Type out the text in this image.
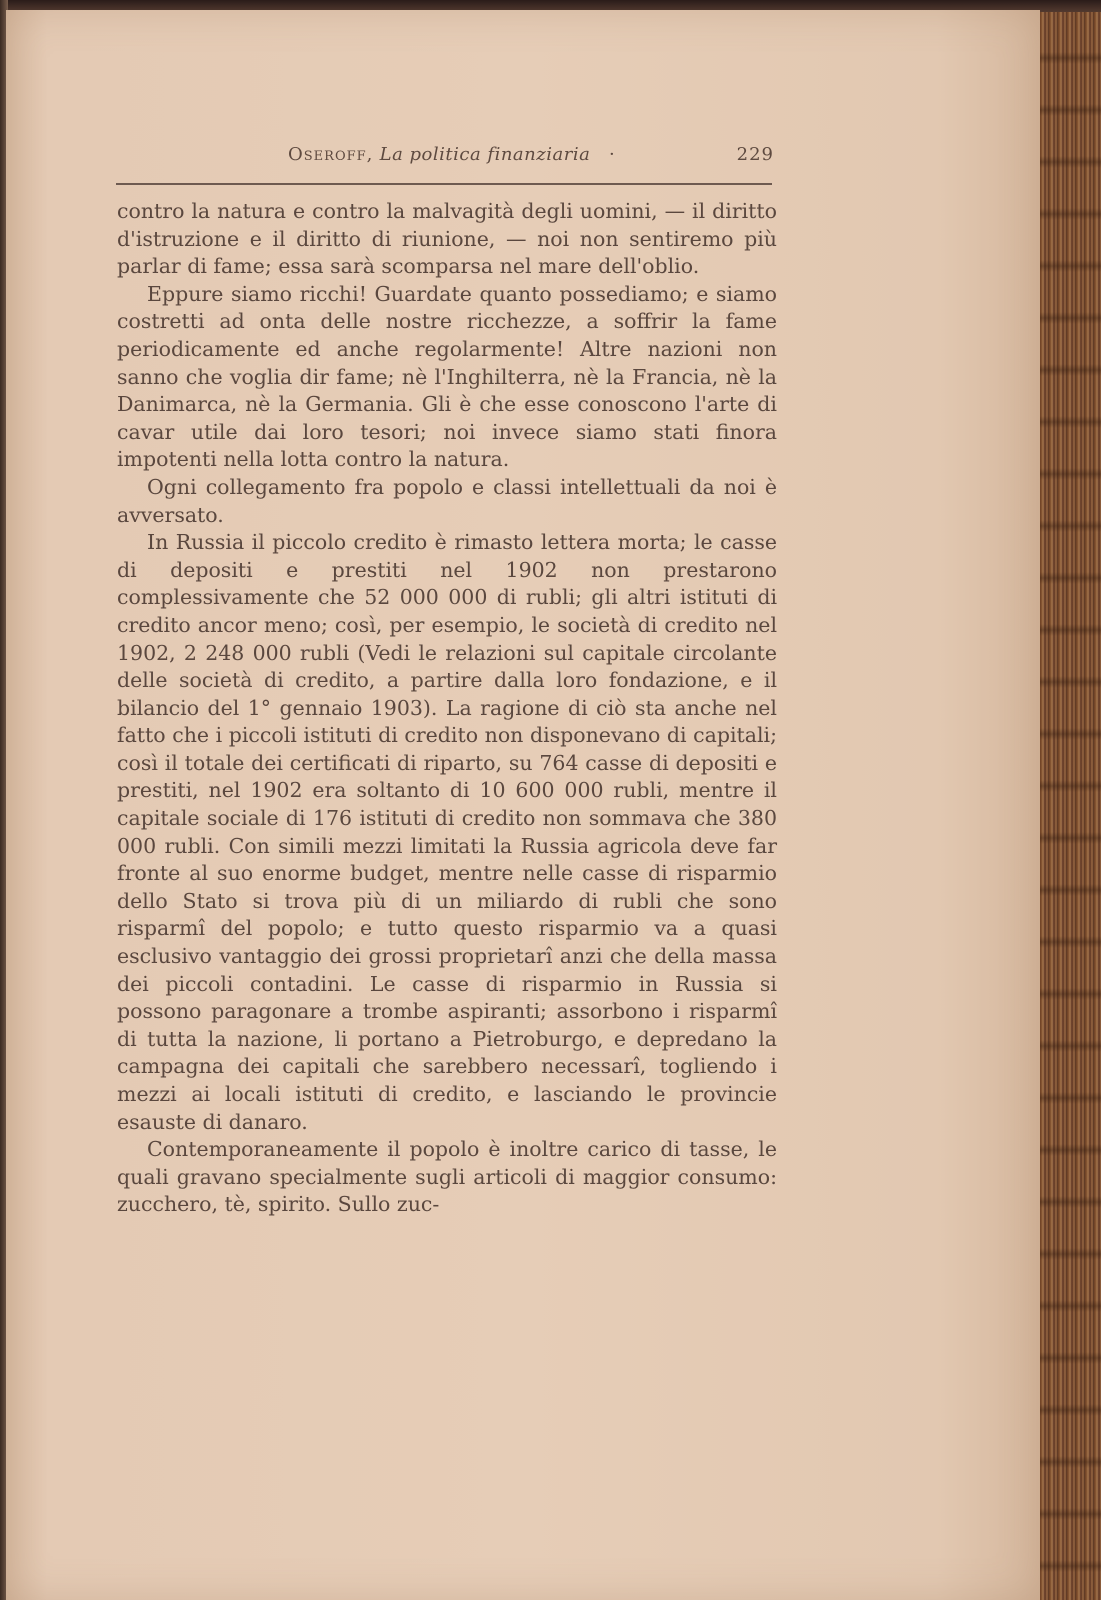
Oseroff, La politica finanziaria ·	229

contro la natura e contro la malvagità degli uomini, — il diritto d'istruzione e il diritto di riunione, — noi non sentiremo più parlar di fame; essa sarà scomparsa nel mare dell'oblio.

Eppure siamo ricchi! Guardate quanto possediamo; e siamo costretti ad onta delle nostre ricchezze, a soffrir la fame periodicamente ed anche regolarmente! Altre nazioni non sanno che voglia dir fame; nè l'Inghilterra, nè la Francia, nè la Danimarca, nè la Germania. Gli è che esse conoscono l'arte di cavar utile dai loro tesori; noi invece siamo stati finora impotenti nella lotta contro la natura.

Ogni collegamento fra popolo e classi intellettuali da noi è avversato.

In Russia il piccolo credito è rimasto lettera morta; le casse di depositi e prestiti nel 1902 non prestarono complessivamente che 52 000 000 di rubli; gli altri istituti di credito ancor meno; così, per esempio, le società di credito nel 1902, 2 248 000 rubli (Vedi le relazioni sul capitale circolante delle società di credito, a partire dalla loro fondazione, e il bilancio del 1° gennaio 1903). La ragione di ciò sta anche nel fatto che i piccoli istituti di credito non disponevano di capitali; così il totale dei certificati di riparto, su 764 casse di depositi e prestiti, nel 1902 era soltanto di 10 600 000 rubli, mentre il capitale sociale di 176 istituti di credito non sommava che 380 000 rubli. Con simili mezzi limitati la Russia agricola deve far fronte al suo enorme budget, mentre nelle casse di risparmio dello Stato si trova più di un miliardo di rubli che sono risparmî del popolo; e tutto questo risparmio va a quasi esclusivo vantaggio dei grossi proprietarî anzi che della massa dei piccoli contadini. Le casse di risparmio in Russia si possono paragonare a trombe aspiranti; assorbono i risparmî di tutta la nazione, li portano a Pietroburgo, e depredano la campagna dei capitali che sarebbero necessarî, togliendo i mezzi ai locali istituti di credito, e lasciando le provincie esauste di danaro.

Contemporaneamente il popolo è inoltre carico di tasse, le quali gravano specialmente sugli articoli di maggior consumo: zucchero, tè, spirito. Sullo zuc-
